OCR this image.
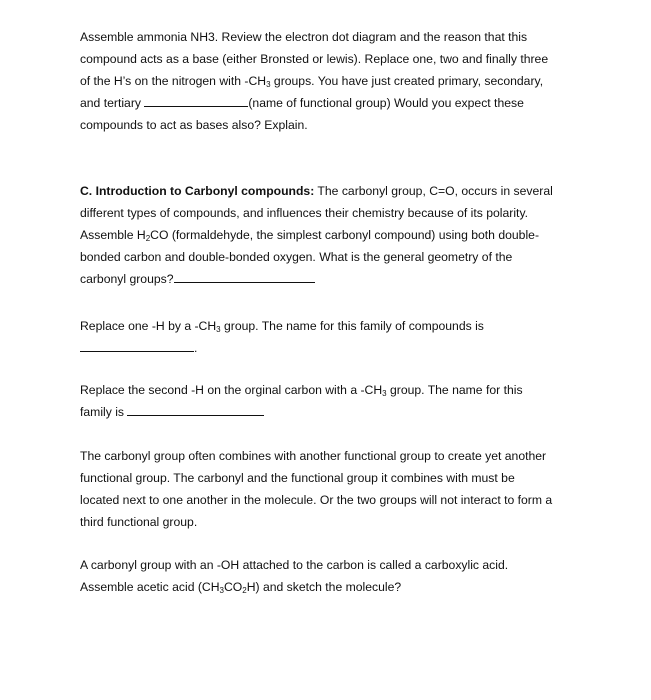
Assemble ammonia NH3. Review the electron dot diagram and the reason that this
compound acts as a base (either Bronsted or lewis). Replace one, two and finally three
of the H’s on the nitrogen with $-CH_3$ groups. You have just created primary, secondary,
and tertiary	(name of functional group) Would you expect these
compounds to act as bases also? Explain.
C. Introduction to Carbonyl compounds: The carbonyl group, C=O, occurs in several
different types of compounds, and influences their chemistry because of its polarity.
Assemble $H_2CO$ (formaldehyde, the simplest carbonyl compound) using both double-
bonded carbon and double-bonded oxygen. What is the general geometry of the
carbonyl groups?
Replace one -H by a $-CH_3$ group. The name for this family of compounds is
.
Replace the second -H on the orginal carbon with a $-CH_3$ group. The name for this
family is
The carbonyl group often combines with another functional group to create yet another
functional group. The carbonyl and the functional group it combines with must be
located next to one another in the molecule. Or the two groups will not interact to form a
third functional group.
A carbonyl group with an -OH attached to the carbon is called a carboxylic acid.
Assemble acetic acid $(CH_3CO_2H)$ and sketch the molecule?
